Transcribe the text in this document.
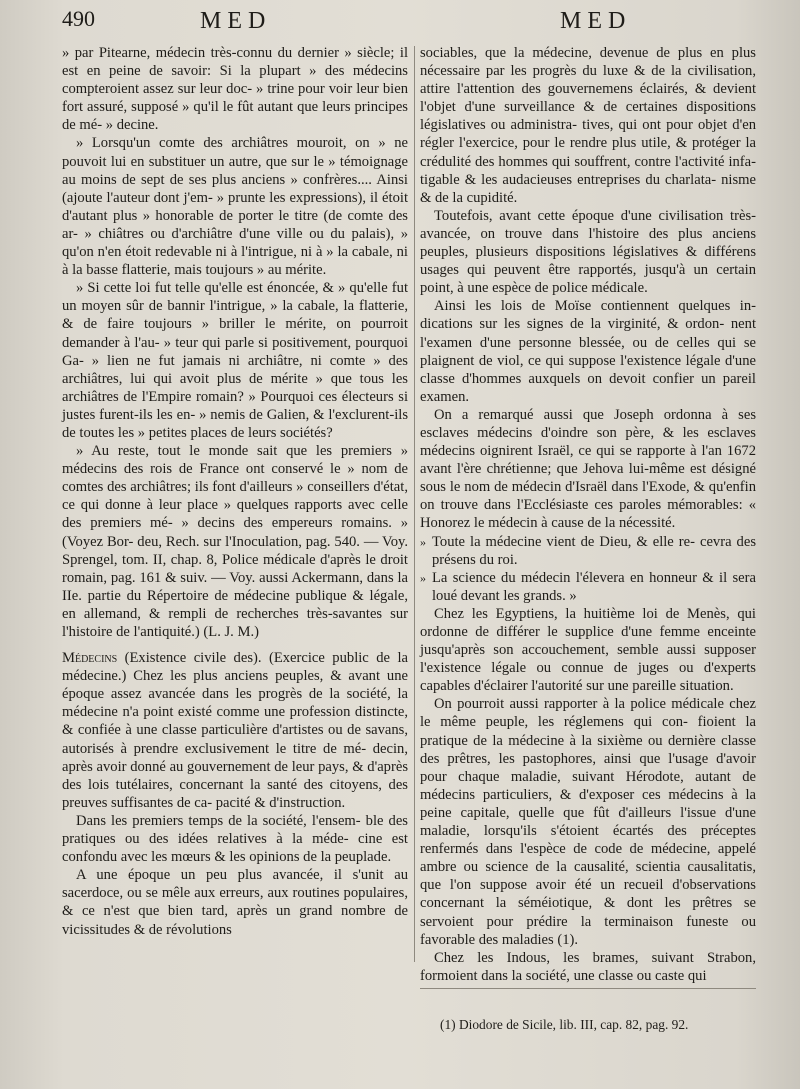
490	MED	MED

» par Pitearne, médecin très-connu du dernier » siècle; il est en peine de savoir: Si la plupart » des médecins compteroient assez sur leur doc- » trine pour voir leur bien fort assuré, supposé » qu'il le fût autant que leurs principes de mé- » decine.

» Lorsqu'un comte des archiâtres mouroit, on » ne pouvoit lui en substituer un autre, que sur le » témoignage au moins de sept de ses plus anciens » confrères.... Ainsi (ajoute l'auteur dont j'em- » prunte les expressions), il étoit d'autant plus » honorable de porter le titre (de comte des ar- » chiâtres ou d'archiâtre d'une ville ou du palais), » qu'on n'en étoit redevable ni à l'intrigue, ni à » la cabale, ni à la basse flatterie, mais toujours » au mérite.

» Si cette loi fut telle qu'elle est énoncée, & » qu'elle fut un moyen sûr de bannir l'intrigue, » la cabale, la flatterie, & de faire toujours » briller le mérite, on pourroit demander à l'au- » teur qui parle si positivement, pourquoi Ga- » lien ne fut jamais ni archiâtre, ni comte » des archiâtres, lui qui avoit plus de mérite » que tous les archiâtres de l'Empire romain? » Pourquoi ces électeurs si justes furent-ils les en- » nemis de Galien, & l'exclurent-ils de toutes les » petites places de leurs sociétés?

» Au reste, tout le monde sait que les premiers » médecins des rois de France ont conservé le » nom de comtes des archiâtres; ils font d'ailleurs » conseillers d'état, ce qui donne à leur place » quelques rapports avec celle des premiers mé- » decins des empereurs romains. » (Voyez Bor- deu, Rech. sur l'Inoculation, pag. 540. — Voy. Sprengel, tom. II, chap. 8, Police médicale d'après le droit romain, pag. 161 & suiv. — Voy. aussi Ackermann, dans la IIe. partie du Répertoire de médecine publique & légale, en allemand, & rempli de recherches très-savantes sur l'histoire de l'antiquité.) (L. J. M.)

Médecins (Existence civile des). (Exercice public de la médecine.) Chez les plus anciens peuples, & avant une époque assez avancée dans les progrès de la société, la médecine n'a point existé comme une profession distincte, & confiée à une classe particulière d'artistes ou de savans, autorisés à prendre exclusivement le titre de mé- decin, après avoir donné au gouvernement de leur pays, & d'après des lois tutélaires, concernant la santé des citoyens, des preuves suffisantes de ca- pacité & d'instruction.

Dans les premiers temps de la société, l'ensem- ble des pratiques ou des idées relatives à la méde- cine est confondu avec les mœurs & les opinions de la peuplade.

A une époque un peu plus avancée, il s'unit au sacerdoce, ou se mêle aux erreurs, aux routines populaires, & ce n'est que bien tard, après un grand nombre de vicissitudes & de révolutions

sociables, que la médecine, devenue de plus en plus nécessaire par les progrès du luxe & de la civilisation, attire l'attention des gouvernemens éclairés, & devient l'objet d'une surveillance & de certaines dispositions législatives ou administra- tives, qui ont pour objet d'en régler l'exercice, pour le rendre plus utile, & protéger la crédulité des hommes qui souffrent, contre l'activité infa- tigable & les audacieuses entreprises du charlata- nisme & de la cupidité.

Toutefois, avant cette époque d'une civilisation très-avancée, on trouve dans l'histoire des plus anciens peuples, plusieurs dispositions législatives & différens usages qui peuvent être rapportés, jusqu'à un certain point, à une espèce de police médicale.

Ainsi les lois de Moïse contiennent quelques in- dications sur les signes de la virginité, & ordon- nent l'examen d'une personne blessée, ou de celles qui se plaignent de viol, ce qui suppose l'existence légale d'une classe d'hommes auxquels on devoit confier un pareil examen.

On a remarqué aussi que Joseph ordonna à ses esclaves médecins d'oindre son père, & les esclaves médecins oignirent Israël, ce qui se rapporte à l'an 1672 avant l'ère chrétienne; que Jehova lui-même est désigné sous le nom de médecin d'Israël dans l'Exode, & qu'enfin on trouve dans l'Ecclésiaste ces paroles mémorables: « Honorez le médecin à cause de la nécessité.

» Toute la médecine vient de Dieu, & elle re- cevra des présens du roi.

» La science du médecin l'élevera en honneur & il sera loué devant les grands. »

Chez les Egyptiens, la huitième loi de Menès, qui ordonne de différer le supplice d'une femme enceinte jusqu'après son accouchement, semble aussi supposer l'existence légale ou connue de juges ou d'experts capables d'éclairer l'autorité sur une pareille situation.

On pourroit aussi rapporter à la police médicale chez le même peuple, les réglemens qui con- fioient la pratique de la médecine à la sixième ou dernière classe des prêtres, les pastophores, ainsi que l'usage d'avoir pour chaque maladie, suivant Hérodote, autant de médecins particuliers, & d'exposer ces médecins à la peine capitale, quelle que fût d'ailleurs l'issue d'une maladie, lorsqu'ils s'étoient écartés des préceptes renfermés dans l'espèce de code de médecine, appelé ambre ou science de la causalité, scientia causalitatis, que l'on suppose avoir été un recueil d'observations concernant la séméiotique, & dont les prêtres se servoient pour prédire la terminaison funeste ou favorable des maladies (1).

Chez les Indous, les brames, suivant Strabon, formoient dans la société, une classe ou caste qui

(1) Diodore de Sicile, lib. III, cap. 82, pag. 92.
